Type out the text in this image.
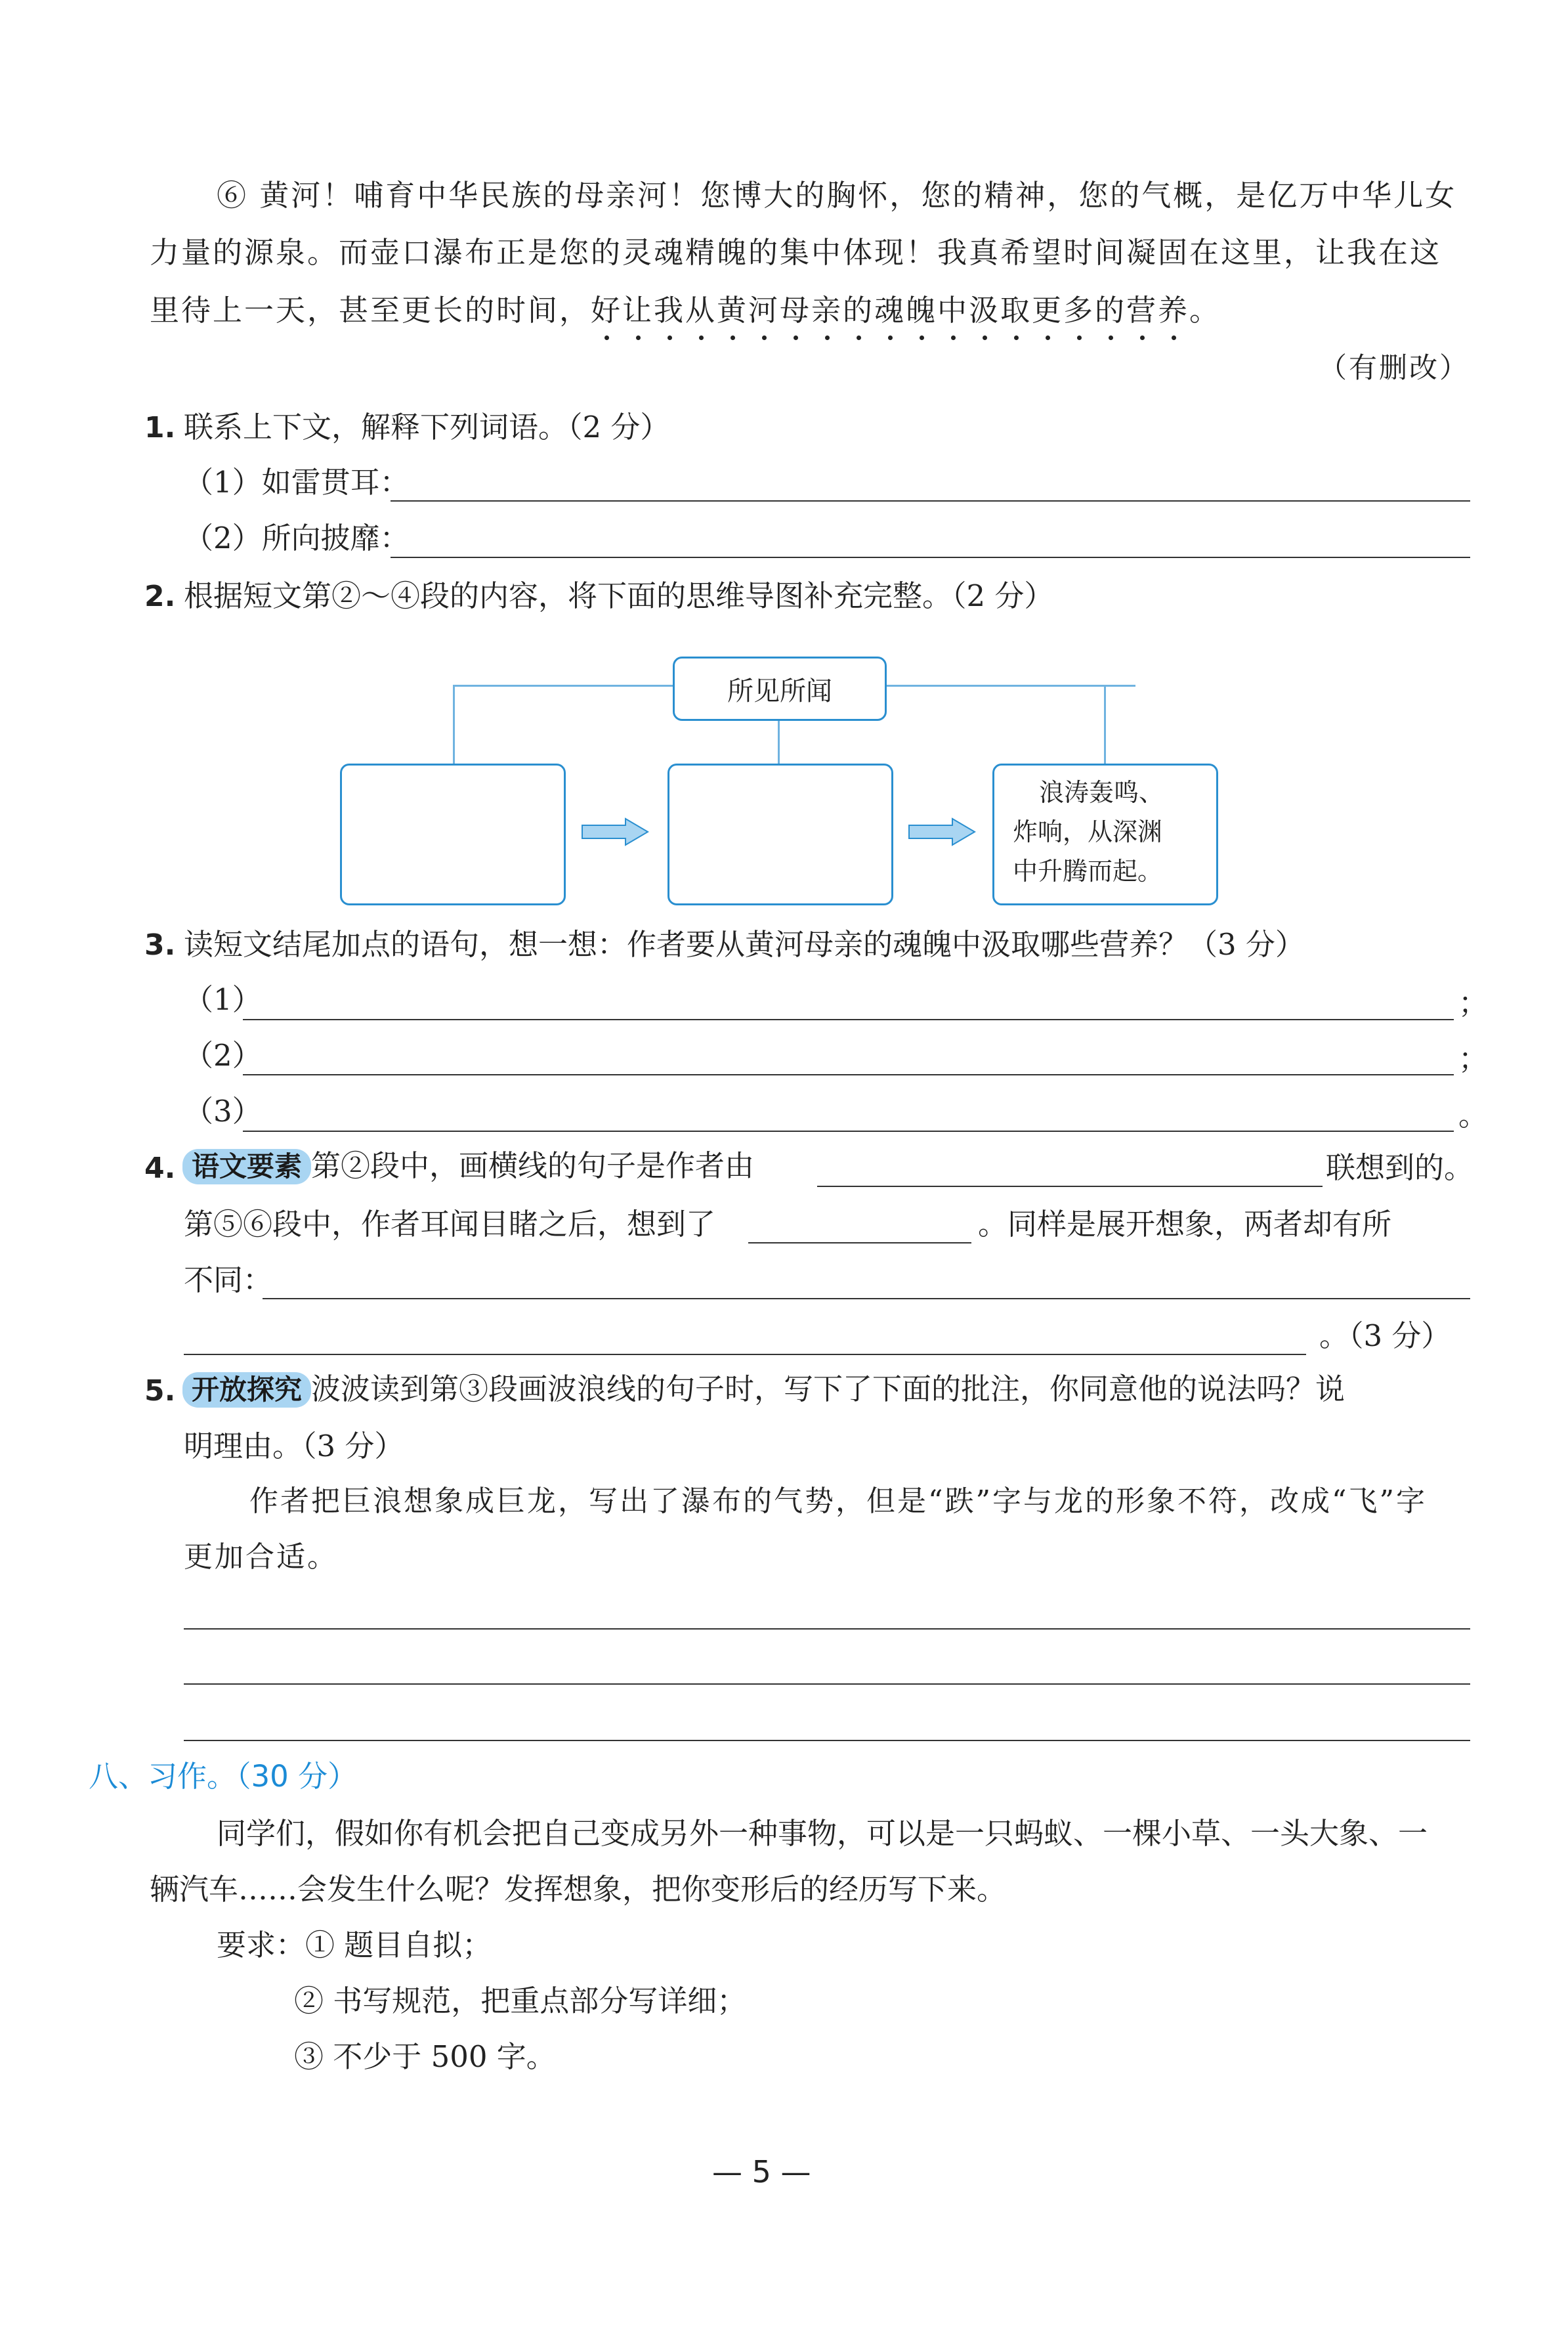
⑥ 黄河！哺育中华民族的母亲河！您博大的胸怀，您的精神，您的气概，是亿万中华儿女
力量的源泉。而壶口瀑布正是您的灵魂精魄的集中体现！我真希望时间凝固在这里，让我在这
里待上一天，甚至更长的时间，好让我从黄河母亲的魂魄中汲取更多的营养。
（有删改）
1. 联系上下文，解释下列词语。（2 分）
（1）如雷贯耳：
（2）所向披靡：
2. 根据短文第②～④段的内容，将下面的思维导图补充完整。（2 分）
所见所闻
浪涛轰鸣、
炸响，从深渊
中升腾而起。
3. 读短文结尾加点的语句，想一想：作者要从黄河母亲的魂魄中汲取哪些营养？（3 分）
（1）	；
（2）	；
（3）	。
4. 语文要素 第②段中，画横线的句子是作者由	联想到的。
第⑤⑥段中，作者耳闻目睹之后，想到了	。同样是展开想象，两者却有所
不同：
。（3 分）
5. 开放探究 波波读到第③段画波浪线的句子时，写下了下面的批注，你同意他的说法吗？说
明理由。（3 分）
作者把巨浪想象成巨龙，写出了瀑布的气势，但是“跌”字与龙的形象不符，改成“飞”字
更加合适。
八、习作。（30 分）
同学们，假如你有机会把自己变成另外一种事物，可以是一只蚂蚁、一棵小草、一头大象、一
辆汽车……会发生什么呢？发挥想象，把你变形后的经历写下来。
要求：① 题目自拟；
② 书写规范，把重点部分写详细；
③ 不少于 500 字。
— 5 —
